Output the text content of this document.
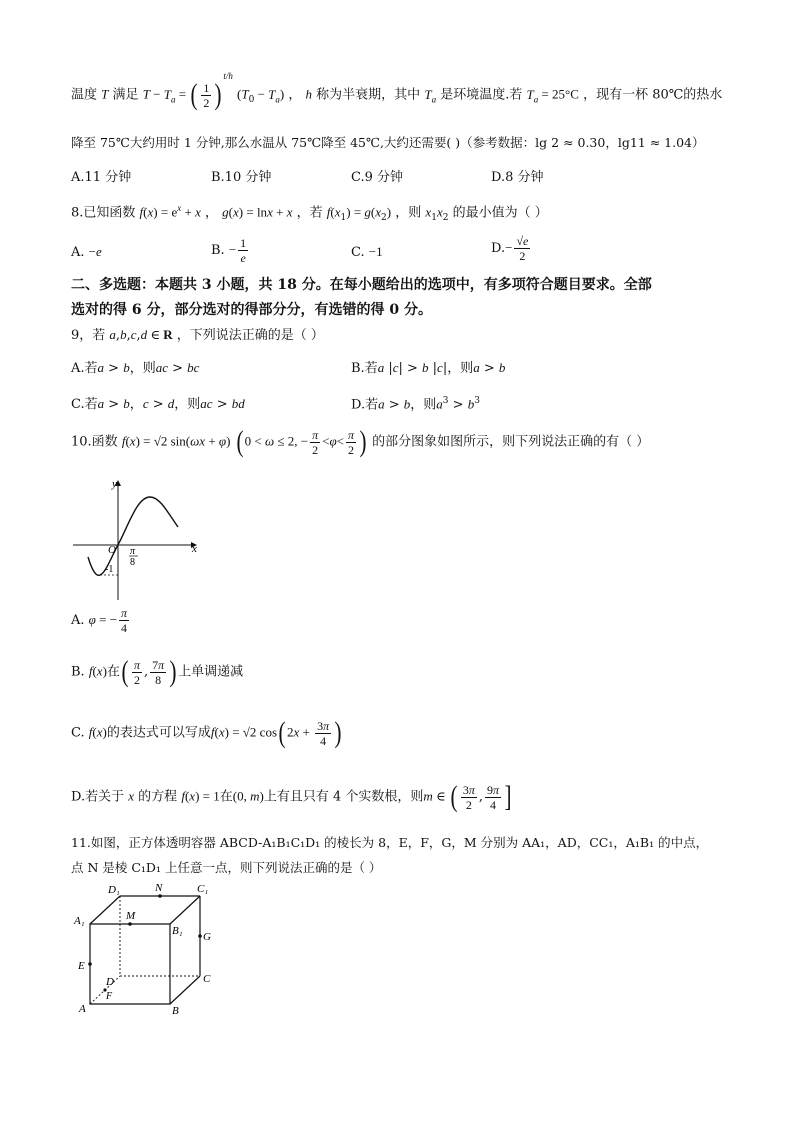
温度 T 满足 $T - T_a$ = ( $\frac{1}{2} )^{t/h}$ $(T_0 - T_a)$ ， h 称为半衰期，其中 $T_a$ 是环境温度.若 $T_a = 25^\circ C$ ，现有一杯 80℃的热水
降至 75℃大约用时 1 分钟,那么水温从 75℃降至 45℃,大约还需要( )（参考数据：lg 2 ≈ 0.30，lg11 ≈ 1.04）
A.11 分钟	B.10 分钟	C.9 分钟	D.8 分钟
8.已知函数 $f(x) = e^x + x$ ， g(x) = lnx + x ，若 $f(x_1) = g(x_2)$ ，则 $x_1x_2$ 的最小值为（ ）
A. −e	B. − $\frac{1}{e}$	C. −1	$D.- \frac{√e}{2}$
二、多选题：本题共 3 小题，共 18 分。在每小题给出的选项中，有多项符合题目要求。全部
选对的得 6 分，部分选对的得部分分，有选错的得 0 分。
9，若 a,b,c,d ∈ R ，下列说法正确的是（ ）
A.若a > b，则ac > bc	B.若a |c| > b |c|，则a > b
C.若a > b，c > d，则ac > bd	D.若a > b，则$a^3 > b^3$
10.函数 f(x) = √2 sin(ωx + φ) ( 0 < ω ≤ 2, − $\frac{\pi}{2} <\varphi< \frac{\pi}{2}$ ) 的部分图象如图所示，则下列说法正确的有（ ）
y
x
O
-1
π
8
A. φ = − $\frac{\pi}{4}$
B. f(x)在( $\frac{\pi}{2}$ , $\frac{7\pi}{8}$ ) 上单调递减
C. f(x)的表达式可以写成f(x) = √2 cos( $2x + \frac{3\pi}{4}$ )
D.若关于 x 的方程 f(x) = 1在(0, m)上有且只有 4 个实数根，则m ∈ ( $\frac{3\pi}{2}$ , $\frac{9\pi}{4}$ ]
11.如图，正方体透明容器 ABCD-A₁B₁C₁D₁ 的棱长为 8，E，F，G，M 分别为 AA₁，AD，CC₁，A₁B₁ 的中点，
点 N 是棱 C₁D₁ 上任意一点，则下列说法正确的是（ ）
D₁	N	C₁
A₁	M
B₁ G
E
D
F
C
A	B
